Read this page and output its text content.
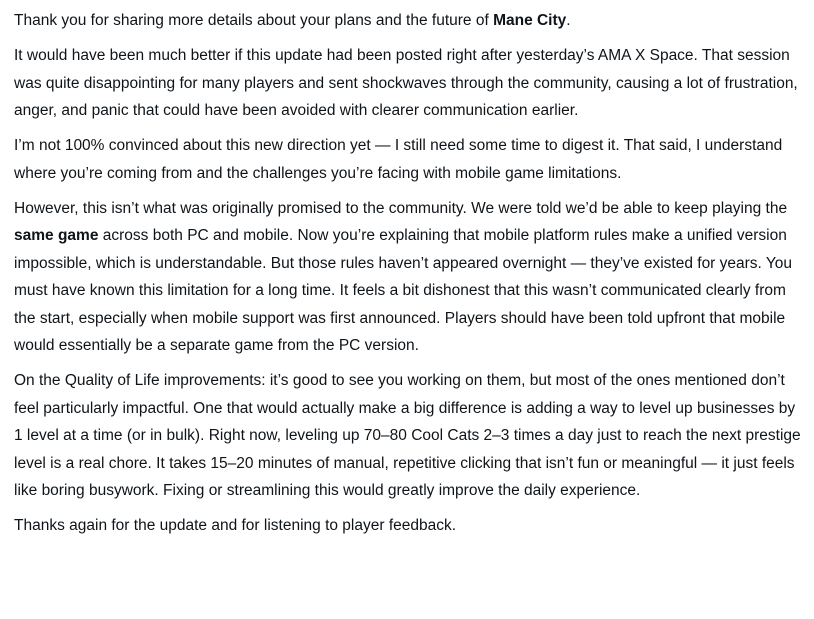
Thank you for sharing more details about your plans and the future of Mane City.

It would have been much better if this update had been posted right after yesterday’s AMA X Space. That session was quite disappointing for many players and sent shockwaves through the community, causing a lot of frustration, anger, and panic that could have been avoided with clearer communication earlier.

I’m not 100% convinced about this new direction yet — I still need some time to digest it. That said, I understand where you’re coming from and the challenges you’re facing with mobile game limitations.

However, this isn’t what was originally promised to the community. We were told we’d be able to keep playing the same game across both PC and mobile. Now you’re explaining that mobile platform rules make a unified version impossible, which is understandable. But those rules haven’t appeared overnight — they’ve existed for years. You must have known this limitation for a long time. It feels a bit dishonest that this wasn’t communicated clearly from the start, especially when mobile support was first announced. Players should have been told upfront that mobile would essentially be a separate game from the PC version.

On the Quality of Life improvements: it’s good to see you working on them, but most of the ones mentioned don’t feel particularly impactful. One that would actually make a big difference is adding a way to level up businesses by 1 level at a time (or in bulk). Right now, leveling up 70–80 Cool Cats 2–3 times a day just to reach the next prestige level is a real chore. It takes 15–20 minutes of manual, repetitive clicking that isn’t fun or meaningful — it just feels like boring busywork. Fixing or streamlining this would greatly improve the daily experience.

Thanks again for the update and for listening to player feedback.
